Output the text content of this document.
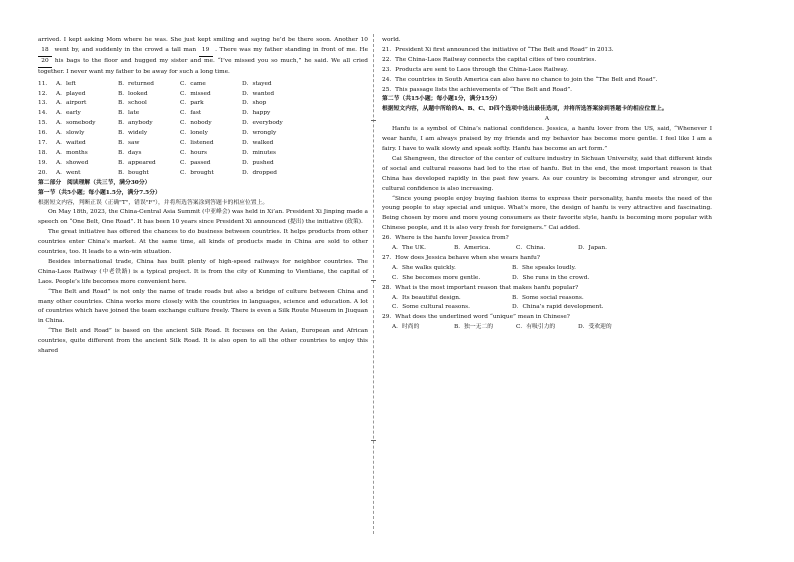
arrived. I kept asking Mom where he was. She just kept smiling and saying he’d be there soon. Another 10 18 went by, and suddenly in the crowd a tall man 19 . There was my father standing in front of me. He 20 his bags to the floor and hugged my sister and me. “I’ve missed you so much,” he said. We all cried together. I never want my father to be away for such a long time.

11． A．left	B．returned	C．came	D．stayed
12． A．played	B．looked	C．missed	D．wanted
13． A．airport	B．school	C．park	D．shop
14． A．early	B．late	C．fast	D．happy
15． A．somebody	B．anybody	C．nobody	D．everybody
16． A．slowly	B．widely	C．lonely	D．wrongly
17． A．waited	B．saw	C．listened	D．walked
18． A．months	B．days	C．hours	D．minutes
19． A．showed	B．appeared	C．passed	D．pushed
20． A．went	B．bought	C．brought	D．dropped

第二部分　阅读理解（共三节，满分30分）

第一节（共5小题；每小题1.5分，满分7.5分）

根据短文内容，判断正误（正确"T"，错误"F"），并将所选答案涂到答题卡的相应位置上。

On May 18th, 2023, the China-Central Asia Summit (中亚峰会) was held in Xi’an. President Xi Jinping made a speech on “One Belt, One Road”. It has been 10 years since President Xi announced (提出) the initiative (政策).

The great initiative has offered the chances to do business between countries. It helps products from other countries enter China’s market. At the same time, all kinds of products made in China are sold to other countries, too. It leads to a win-win situation.

Besides international trade, China has built plenty of high-speed railways for neighbor countries. The China-Laos Railway (中老铁路) is a typical project. It is from the city of Kunming to Vientiane, the capital of Laos. People’s life becomes more convenient here.

“The Belt and Road” is not only the name of trade roads but also a bridge of culture between China and many other countries. China works more closely with the countries in languages, science and education. A lot of countries which have joined the team exchange culture freely. There is even a Silk Route Museum in Jiuquan in China.

“The Belt and Road” is based on the ancient Silk Road. It focuses on the Asian, European and African countries, quite different from the ancient Silk Road. It is also open to all the other countries to enjoy this shared

world.

21．President Xi first announced the initiative of “The Belt and Road” in 2013.

22．The China-Laos Railway connects the capital cities of two countries.

23．Products are sent to Laos through the China-Laos Railway.

24．The countries in South America can also have no chance to join the “The Belt and Road”.

25．This passage lists the achievements of “The Belt and Road”.

第二节（共15小题；每小题1分，满分15分）

根据短文内容，从题中所给的A、B、C、D四个选项中选出最佳选项，并将所选答案涂到答题卡的相应位置上。

A

Hanfu is a symbol of China’s national confidence. Jessica, a hanfu lover from the US, said, “Whenever I wear hanfu, I am always praised by my friends and my behavior has become more gentle. I feel like I am a fairy. I have to walk slowly and speak softly. Hanfu has become an art form.”

Cai Shengwen, the director of the center of culture industry in Sichuan University, said that different kinds of social and cultural reasons had led to the rise of hanfu. But in the end, the most important reason is that China has developed rapidly in the past few years. As our country is becoming stronger and stronger, our cultural confidence is also increasing.

“Since young people enjoy buying fashion items to express their personality, hanfu meets the need of the young people to stay special and unique. What’s more, the design of hanfu is very attractive and fascinating. Being chosen by more and more young consumers as their favorite style, hanfu is becoming more popular with Chinese people, and it is also very fresh for foreigners.” Cai added.

26．Where is the hanfu lover Jessica from?

A．The UK.	B．America.	C．China.	D．Japan.

27．How does Jessica behave when she wears hanfu?

A．She walks quickly.	B．She speaks loudly.
C．She becomes more gentle.	D．She runs in the crowd.

28．What is the most important reason that makes hanfu popular?

A．Its beautiful design.	B．Some social reasons.
C．Some cultural reasons.	D．China’s rapid development.

29．What does the underlined word “unique” mean in Chinese?

A．时尚的	B．独一无二的	C．有吸引力的	D．受欢迎的
